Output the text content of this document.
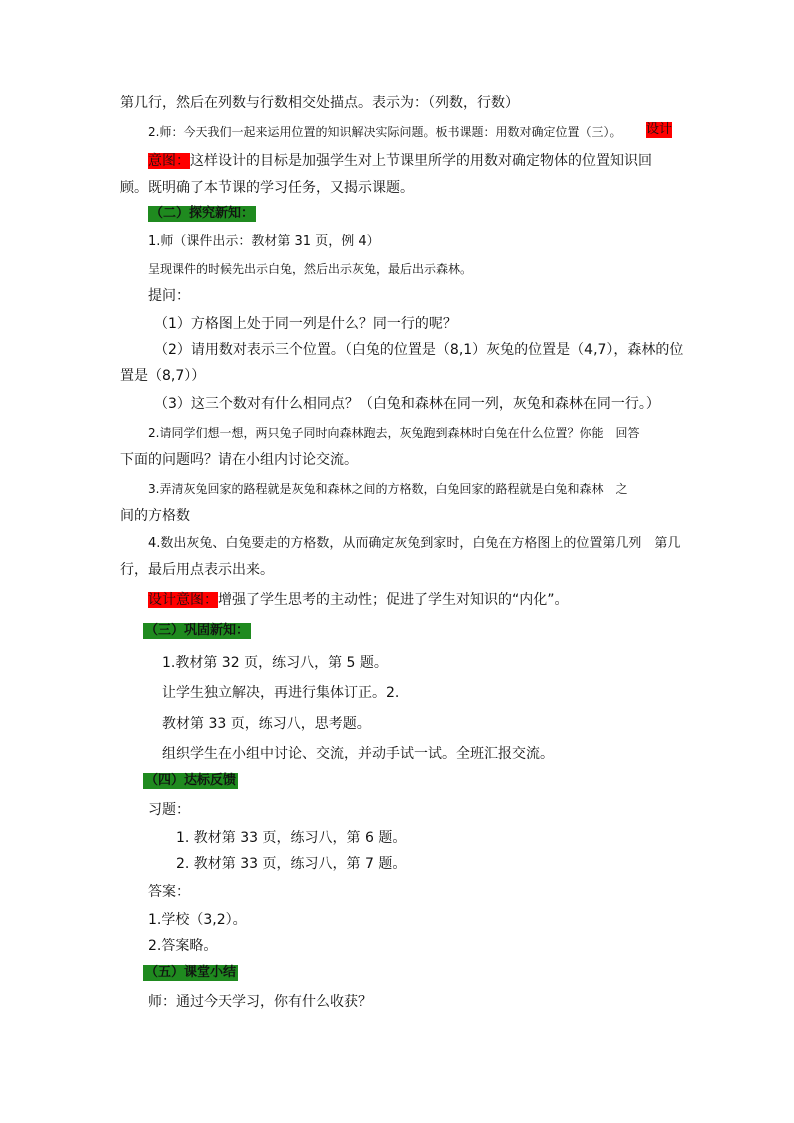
第几行，然后在列数与行数相交处描点。表示为：（列数，行数）
2.师：今天我们一起来运用位置的知识解决实际问题。板书课题：用数对确定位置（三）。 设计
意图：这样设计的目标是加强学生对上节课里所学的用数对确定物体的位置知识回
顾。既明确了本节课的学习任务，又揭示课题。
（二）探究新知：
1.师（课件出示：教材第 31 页，例 4）
呈现课件的时候先出示白兔，然后出示灰兔，最后出示森林。
提问：
（1）方格图上处于同一列是什么？同一行的呢？
（2）请用数对表示三个位置。（白兔的位置是（8,1）灰兔的位置是（4,7），森林的位
置是（8,7））
（3）这三个数对有什么相同点？（白兔和森林在同一列，灰兔和森林在同一行。）
2.请同学们想一想，两只兔子同时向森林跑去，灰兔跑到森林时白兔在什么位置？你能　回答
下面的问题吗？请在小组内讨论交流。
3.弄清灰兔回家的路程就是灰兔和森林之间的方格数，白兔回家的路程就是白兔和森林　之
间的方格数
4.数出灰兔、白兔要走的方格数，从而确定灰兔到家时，白兔在方格图上的位置第几列　第几
行，最后用点表示出来。
设计意图：增强了学生思考的主动性；促进了学生对知识的“内化”。
（三）巩固新知：
1.教材第 32 页，练习八，第 5 题。
让学生独立解决，再进行集体订正。2.
教材第 33 页，练习八，思考题。
组织学生在小组中讨论、交流，并动手试一试。全班汇报交流。
（四）达标反馈
习题：
1. 教材第 33 页，练习八，第 6 题。
2. 教材第 33 页，练习八，第 7 题。
答案：
1.学校（3,2）。
2.答案略。
（五）课堂小结
师：通过今天学习，你有什么收获？
